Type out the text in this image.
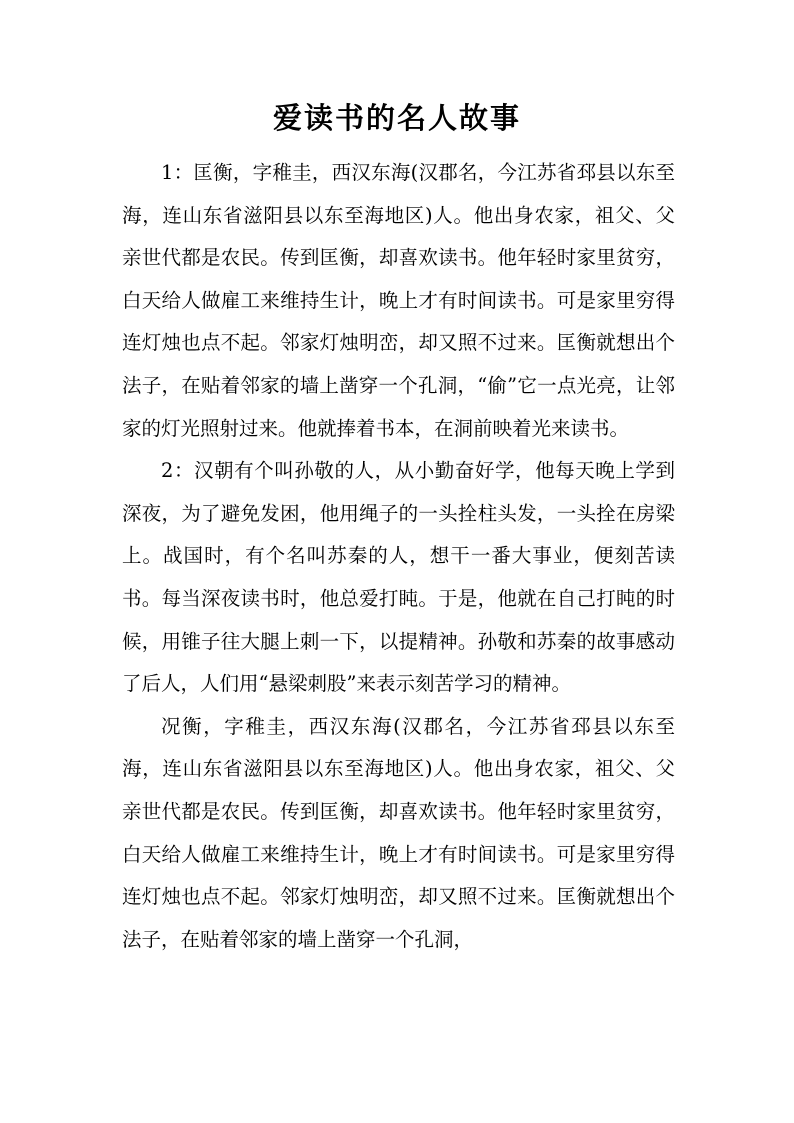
爱读书的名人故事

1：匡衡，字稚圭，西汉东海(汉郡名，今江苏省邳县以东至海，连山东省滋阳县以东至海地区)人。他出身农家，祖父、父亲世代都是农民。传到匡衡，却喜欢读书。他年轻时家里贫穷，白天给人做雇工来维持生计，晚上才有时间读书。可是家里穷得连灯烛也点不起。邻家灯烛明峦，却又照不过来。匡衡就想出个法子，在贴着邻家的墙上凿穿一个孔洞，“偷”它一点光亮，让邻家的灯光照射过来。他就捧着书本，在洞前映着光来读书。

2：汉朝有个叫孙敬的人，从小勤奋好学，他每天晚上学到深夜，为了避免发困，他用绳子的一头拴柱头发，一头拴在房梁上。战国时，有个名叫苏秦的人，想干一番大事业，便刻苦读书。每当深夜读书时，他总爱打盹。于是，他就在自己打盹的时候，用锥子往大腿上刺一下，以提精神。孙敬和苏秦的故事感动了后人，人们用“悬梁刺股”来表示刻苦学习的精神。

况衡，字稚圭，西汉东海(汉郡名，今江苏省邳县以东至海，连山东省滋阳县以东至海地区)人。他出身农家，祖父、父亲世代都是农民。传到匡衡，却喜欢读书。他年轻时家里贫穷，白天给人做雇工来维持生计，晚上才有时间读书。可是家里穷得连灯烛也点不起。邻家灯烛明峦，却又照不过来。匡衡就想出个法子，在贴着邻家的墙上凿穿一个孔洞，
